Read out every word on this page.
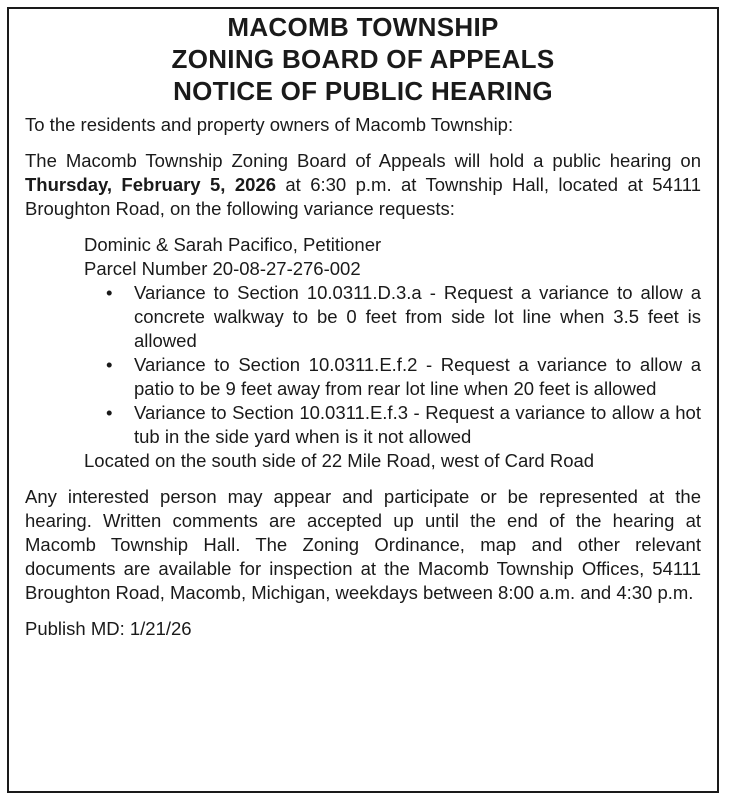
MACOMB TOWNSHIP
ZONING BOARD OF APPEALS
NOTICE OF PUBLIC HEARING

To the residents and property owners of Macomb Township:

The Macomb Township Zoning Board of Appeals will hold a public hearing on Thursday, February 5, 2026 at 6:30 p.m. at Township Hall, located at 54111 Broughton Road, on the following variance requests:

Dominic & Sarah Pacifico, Petitioner
Parcel Number 20-08-27-276-002
• Variance to Section 10.0311.D.3.a - Request a variance to allow a concrete walkway to be 0 feet from side lot line when 3.5 feet is allowed
• Variance to Section 10.0311.E.f.2 - Request a variance to allow a patio to be 9 feet away from rear lot line when 20 feet is allowed
• Variance to Section 10.0311.E.f.3 - Request a variance to allow a hot tub in the side yard when is it not allowed
Located on the south side of 22 Mile Road, west of Card Road

Any interested person may appear and participate or be represented at the hearing. Written comments are accepted up until the end of the hearing at Macomb Township Hall. The Zoning Ordinance, map and other relevant documents are available for inspection at the Macomb Township Offices, 54111 Broughton Road, Macomb, Michigan, weekdays between 8:00 a.m. and 4:30 p.m.

Publish MD: 1/21/26
